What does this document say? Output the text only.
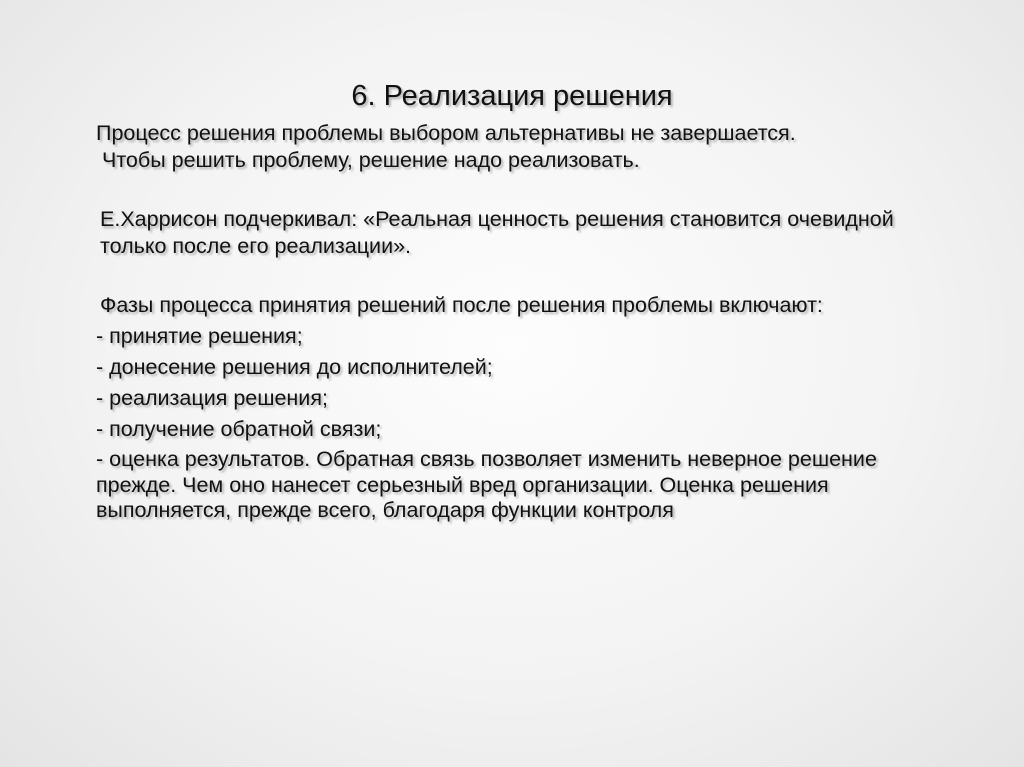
6. Реализация решения

Процесс решения проблемы выбором альтернативы не завершается.
Чтобы решить проблему, решение надо реализовать.

Е.Харрисон подчеркивал: «Реальная ценность решения становится очевидной только после его реализации».

Фазы процесса принятия решений после решения проблемы включают:

- принятие решения;
- донесение решения до исполнителей;
- реализация решения;
- получение обратной связи;
- оценка результатов. Обратная связь позволяет изменить неверное решение прежде. Чем оно нанесет серьезный вред организации. Оценка решения выполняется, прежде всего, благодаря функции контроля
